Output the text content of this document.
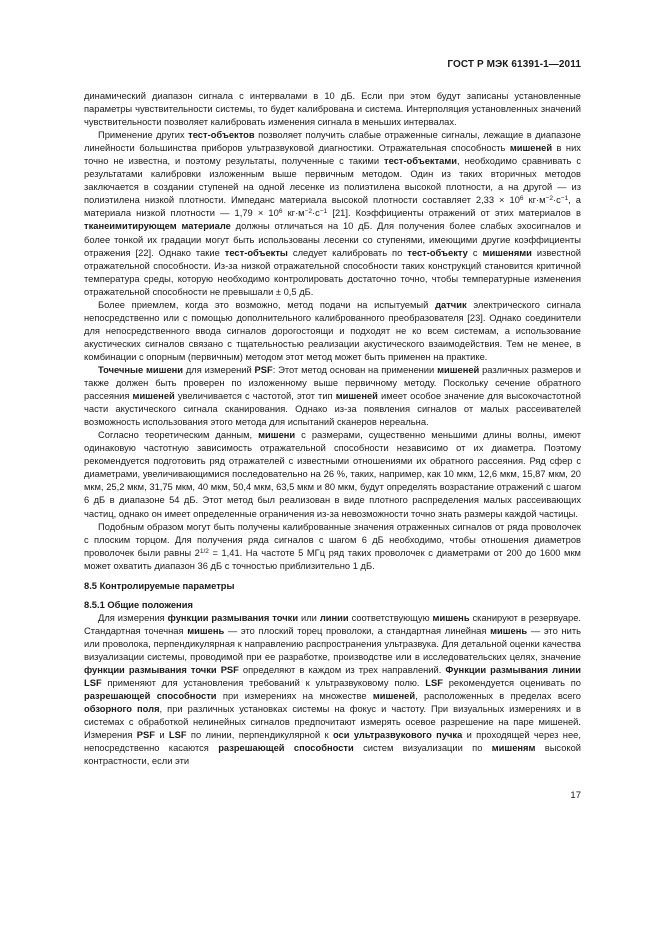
ГОСТ Р МЭК 61391-1—2011

динамический диапазон сигнала с интервалами в 10 дБ. Если при этом будут записаны установленные параметры чувствительности системы, то будет калибрована и система. Интерполяция установленных значений чувствительности позволяет калибровать изменения сигнала в меньших интервалах.

Применение других тест-объектов позволяет получить слабые отраженные сигналы, лежащие в диапазоне линейности большинства приборов ультразвуковой диагностики. Отражательная способность мишеней в них точно не известна, и поэтому результаты, полученные с такими тест-объектами, необходимо сравнивать с результатами калибровки изложенным выше первичным методом. Один из таких вторичных методов заключается в создании ступеней на одной лесенке из полиэтилена высокой плотности, а на другой — из полиэтилена низкой плотности. Импеданс материала высокой плотности составляет $2,33 \times 10^6$ $кг\cdot м^{-2}\cdot с^{-1}$, а материала низкой плотности — $1,79 \times 10^6$ $кг\cdot м^{-2}\cdot с^{-1}$ [21]. Коэффициенты отражений от этих материалов в тканеимитирующем материале должны отличаться на 10 дБ. Для получения более слабых эхосигналов и более тонкой их градации могут быть использованы лесенки со ступенями, имеющими другие коэффициенты отражения [22]. Однако такие тест-объекты следует калибровать по тест-объекту с мишенями известной отражательной способности. Из-за низкой отражательной способности таких конструкций становится критичной температура среды, которую необходимо контролировать достаточно точно, чтобы температурные изменения отражательной способности не превышали ± 0,5 дБ.

Более приемлем, когда это возможно, метод подачи на испытуемый датчик электрического сигнала непосредственно или с помощью дополнительного калиброванного преобразователя [23]. Однако соединители для непосредственного ввода сигналов дорогостоящи и подходят не ко всем системам, а использование акустических сигналов связано с тщательностью реализации акустического взаимодействия. Тем не менее, в комбинации с опорным (первичным) методом этот метод может быть применен на практике.

Точечные мишени для измерений PSF: Этот метод основан на применении мишеней различных размеров и также должен быть проверен по изложенному выше первичному методу. Поскольку сечение обратного рассеяния мишеней увеличивается с частотой, этот тип мишеней имеет особое значение для высокочастотной части акустического сигнала сканирования. Однако из-за появления сигналов от малых рассеивателей возможность использования этого метода для испытаний сканеров нереальна.

Согласно теоретическим данным, мишени с размерами, существенно меньшими длины волны, имеют одинаковую частотную зависимость отражательной способности независимо от их диаметра. Поэтому рекомендуется подготовить ряд отражателей с известными отношениями их обратного рассеяния. Ряд сфер с диаметрами, увеличивающимися последовательно на 26 %, таких, например, как 10 мкм, 12,6 мкм, 15,87 мкм, 20 мкм, 25,2 мкм, 31,75 мкм, 40 мкм, 50,4 мкм, 63,5 мкм и 80 мкм, будут определять возрастание отражений с шагом 6 дБ в диапазоне 54 дБ. Этот метод был реализован в виде плотного распределения малых рассеивающих частиц, однако он имеет определенные ограничения из-за невозможности точно знать размеры каждой частицы.

Подобным образом могут быть получены калиброванные значения отраженных сигналов от ряда проволочек с плоским торцом. Для получения ряда сигналов с шагом 6 дБ необходимо, чтобы отношения диаметров проволочек были равны $2^{1/2} = 1,41$. На частоте 5 МГц ряд таких проволочек с диаметрами от 200 до 1600 мкм может охватить диапазон 36 дБ с точностью приблизительно 1 дБ.

8.5 Контролируемые параметры
8.5.1 Общие положения

Для измерения функции размывания точки или линии соответствующую мишень сканируют в резервуаре. Стандартная точечная мишень — это плоский торец проволоки, а стандартная линейная мишень — это нить или проволока, перпендикулярная к направлению распространения ультразвука. Для детальной оценки качества визуализации системы, проводимой при ее разработке, производстве или в исследовательских целях, значение функции размывания точки PSF определяют в каждом из трех направлений. Функции размывания линии LSF применяют для установления требований к ультразвуковому полю. LSF рекомендуется оценивать по разрешающей способности при измерениях на множестве мишеней, расположенных в пределах всего обзорного поля, при различных установках системы на фокус и частоту. При визуальных измерениях и в системах с обработкой нелинейных сигналов предпочитают измерять осевое разрешение на паре мишеней. Измерения PSF и LSF по линии, перпендикулярной к оси ультразвукового пучка и проходящей через нее, непосредственно касаются разрешающей способности систем визуализации по мишеням высокой контрастности, если эти

17
